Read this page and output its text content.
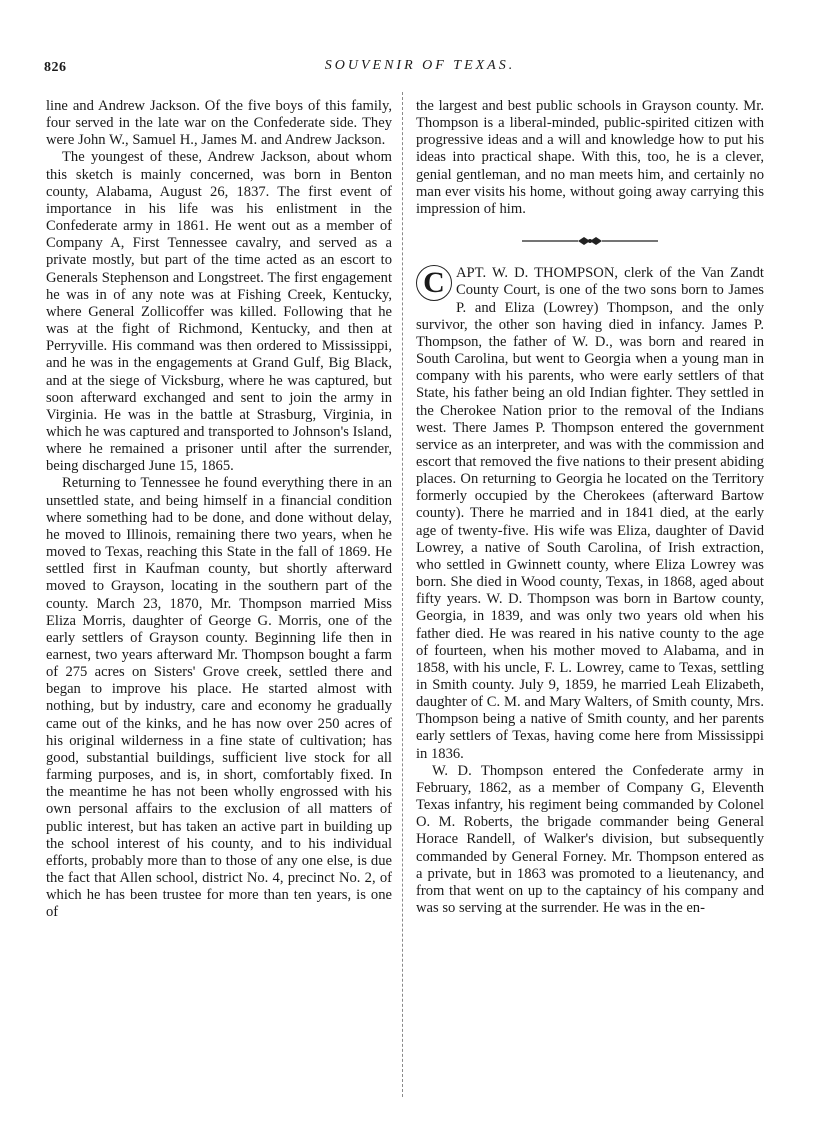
826	SOUVENIR OF TEXAS.

line and Andrew Jackson. Of the five boys of this family, four served in the late war on the Confederate side. They were John W., Samuel H., James M. and Andrew Jackson.

The youngest of these, Andrew Jackson, about whom this sketch is mainly concerned, was born in Benton county, Alabama, August 26, 1837. The first event of importance in his life was his enlistment in the Confederate army in 1861. He went out as a member of Company A, First Tennessee cavalry, and served as a private mostly, but part of the time acted as an escort to Generals Stephenson and Longstreet. The first engagement he was in of any note was at Fishing Creek, Kentucky, where General Zollicoffer was killed. Following that he was at the fight of Richmond, Kentucky, and then at Perryville. His command was then ordered to Mississippi, and he was in the engagements at Grand Gulf, Big Black, and at the siege of Vicksburg, where he was captured, but soon afterward exchanged and sent to join the army in Virginia. He was in the battle at Strasburg, Virginia, in which he was captured and transported to Johnson's Island, where he remained a prisoner until after the surrender, being discharged June 15, 1865.

Returning to Tennessee he found everything there in an unsettled state, and being himself in a financial condition where something had to be done, and done without delay, he moved to Illinois, remaining there two years, when he moved to Texas, reaching this State in the fall of 1869. He settled first in Kaufman county, but shortly afterward moved to Grayson, locating in the southern part of the county. March 23, 1870, Mr. Thompson married Miss Eliza Morris, daughter of George G. Morris, one of the early settlers of Grayson county. Beginning life then in earnest, two years afterward Mr. Thompson bought a farm of 275 acres on Sisters' Grove creek, settled there and began to improve his place. He started almost with nothing, but by industry, care and economy he gradually came out of the kinks, and he has now over 250 acres of his original wilderness in a fine state of cultivation; has good, substantial buildings, sufficient live stock for all farming purposes, and is, in short, comfortably fixed. In the meantime he has not been wholly engrossed with his own personal affairs to the exclusion of all matters of public interest, but has taken an active part in building up the school interest of his county, and to his individual efforts, probably more than to those of any one else, is due the fact that Allen school, district No. 4, precinct No. 2, of which he has been trustee for more than ten years, is one of

the largest and best public schools in Grayson county. Mr. Thompson is a liberal-minded, public-spirited citizen with progressive ideas and a will and knowledge how to put his ideas into practical shape. With this, too, he is a clever, genial gentleman, and no man meets him, and certainly no man ever visits his home, without going away carrying this impression of him.

C APT. W. D. THOMPSON, clerk of the Van Zandt County Court, is one of the two sons born to James P. and Eliza (Lowrey) Thompson, and the only survivor, the other son having died in infancy. James P. Thompson, the father of W. D., was born and reared in South Carolina, but went to Georgia when a young man in company with his parents, who were early settlers of that State, his father being an old Indian fighter. They settled in the Cherokee Nation prior to the removal of the Indians west. There James P. Thompson entered the government service as an interpreter, and was with the commission and escort that removed the five nations to their present abiding places. On returning to Georgia he located on the Territory formerly occupied by the Cherokees (afterward Bartow county). There he married and in 1841 died, at the early age of twenty-five. His wife was Eliza, daughter of David Lowrey, a native of South Carolina, of Irish extraction, who settled in Gwinnett county, where Eliza Lowrey was born. She died in Wood county, Texas, in 1868, aged about fifty years. W. D. Thompson was born in Bartow county, Georgia, in 1839, and was only two years old when his father died. He was reared in his native county to the age of fourteen, when his mother moved to Alabama, and in 1858, with his uncle, F. L. Lowrey, came to Texas, settling in Smith county. July 9, 1859, he married Leah Elizabeth, daughter of C. M. and Mary Walters, of Smith county, Mrs. Thompson being a native of Smith county, and her parents early settlers of Texas, having come here from Mississippi in 1836.

W. D. Thompson entered the Confederate army in February, 1862, as a member of Company G, Eleventh Texas infantry, his regiment being commanded by Colonel O. M. Roberts, the brigade commander being General Horace Randell, of Walker's division, but subsequently commanded by General Forney. Mr. Thompson entered as a private, but in 1863 was promoted to a lieutenancy, and from that went on up to the captaincy of his company and was so serving at the surrender. He was in the en-
